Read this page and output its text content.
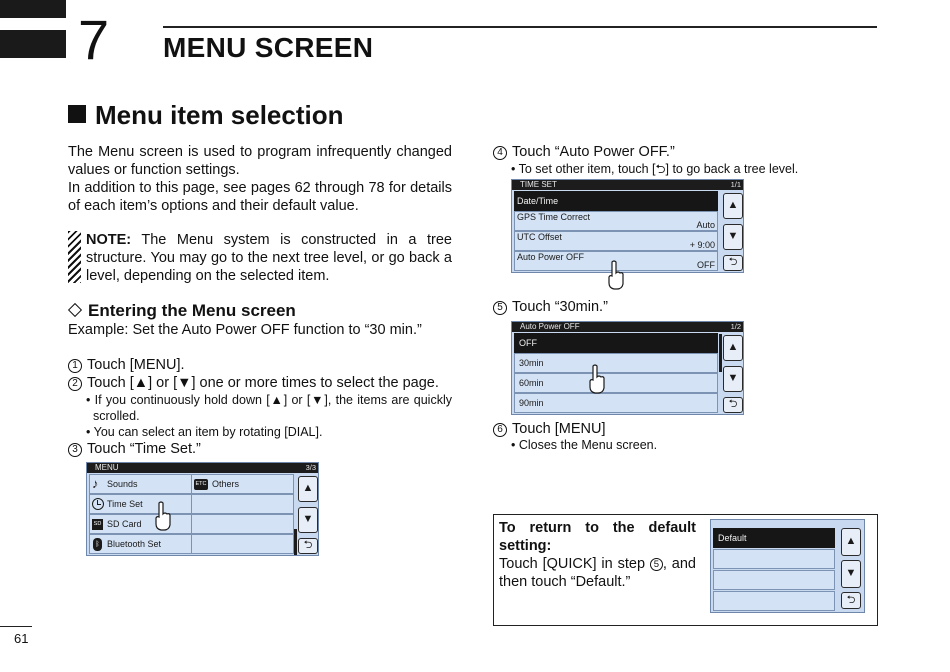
7 MENU SCREEN
Menu item selection
The Menu screen is used to program infrequently changed values or function settings.
In addition to this page, see pages 62 through 78 for details of each item’s options and their default value.
NOTE: The Menu system is constructed in a tree structure. You may go to the next tree level, or go back a level, depending on the selected item.
Entering the Menu screen
Example: Set the Auto Power OFF function to “30 min.”
1 Touch [MENU].
2 Touch [▲] or [▼] one or more times to select the page.
• If you continuously hold down [▲] or [▼], the items are quickly scrolled.
• You can select an item by rotating [DIAL].
3 Touch “Time Set.”
MENU	3/3
♪ Sounds	ETC Others
Time Set
SD SD Card
ᛒ Bluetooth Set
▲
▼
⮌
4 Touch “Auto Power OFF.”
• To set other item, touch [⮌] to go back a tree level.
TIME SET	1/1
Date/Time
GPS Time Correct
Auto
UTC Offset
+ 9:00
Auto Power OFF
OFF
▲
▼
⮌
5 Touch “30min.”
Auto Power OFF	1/2
OFF
30min
60min
90min
▲
▼
⮌
6 Touch [MENU]
• Closes the Menu screen.
To return to the default setting:
Touch [QUICK] in step 5 , and then touch “Default.”
Default	▲
▼
⮌
61
